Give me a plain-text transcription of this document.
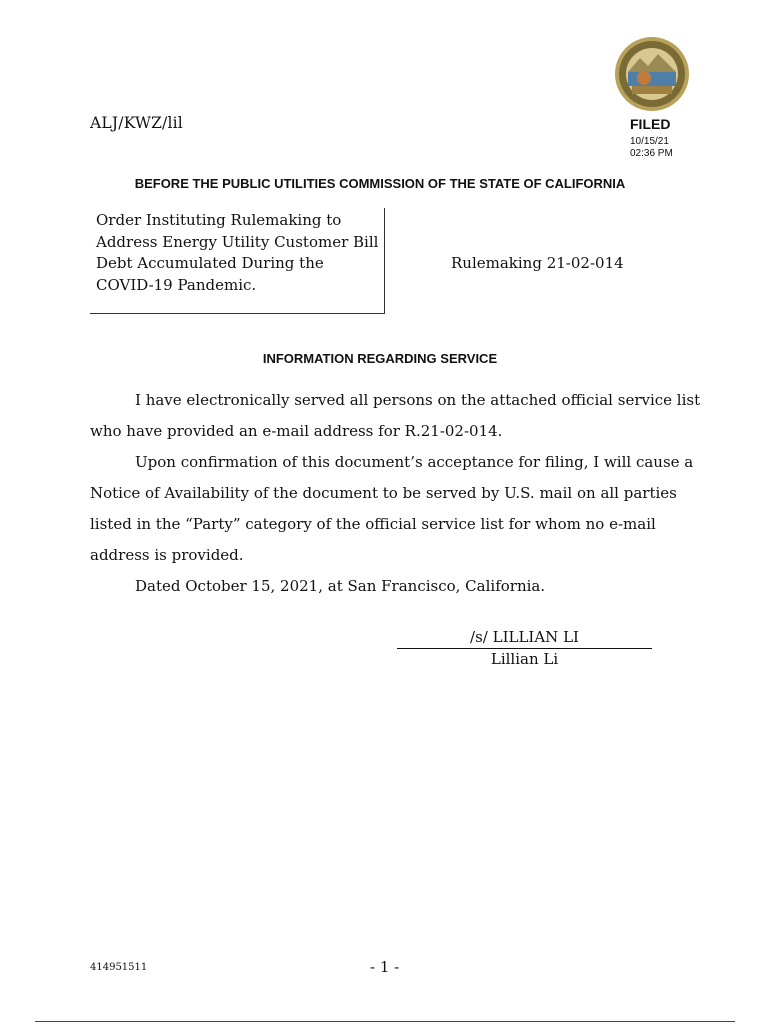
ALJ/KWZ/lil	FILED
10/15/21
02:36 PM
BEFORE THE PUBLIC UTILITIES COMMISSION OF THE STATE OF CALIFORNIA
Order Instituting Rulemaking to
Address Energy Utility Customer Bill
Debt Accumulated During the
COVID-19 Pandemic.
Rulemaking 21-02-014
INFORMATION REGARDING SERVICE
I have electronically served all persons on the attached official service list
who have provided an e-mail address for R.21-02-014.
Upon confirmation of this document’s acceptance for filing, I will cause a
Notice of Availability of the document to be served by U.S. mail on all parties
listed in the “Party” category of the official service list for whom no e-mail
address is provided.
Dated October 15, 2021, at San Francisco, California.
/s/ LILLIAN LI
Lillian Li
414951511	- 1 -
